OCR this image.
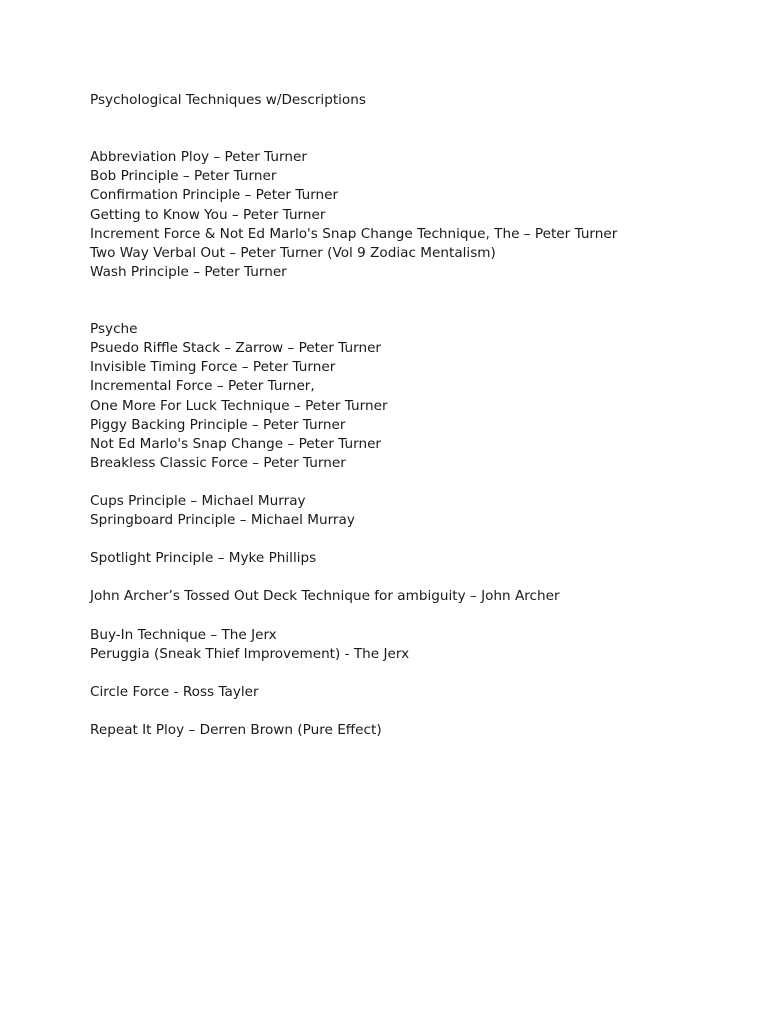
Psychological Techniques w/Descriptions
Abbreviation Ploy – Peter Turner
Bob Principle – Peter Turner
Confirmation Principle – Peter Turner
Getting to Know You – Peter Turner
Increment Force & Not Ed Marlo's Snap Change Technique, The – Peter Turner
Two Way Verbal Out – Peter Turner (Vol 9 Zodiac Mentalism)
Wash Principle – Peter Turner
Psyche
Psuedo Riffle Stack – Zarrow – Peter Turner
Invisible Timing Force – Peter Turner
Incremental Force – Peter Turner,
One More For Luck Technique – Peter Turner
Piggy Backing Principle – Peter Turner
Not Ed Marlo's Snap Change – Peter Turner
Breakless Classic Force – Peter Turner
Cups Principle – Michael Murray
Springboard Principle – Michael Murray
Spotlight Principle – Myke Phillips
John Archer’s Tossed Out Deck Technique for ambiguity – John Archer
Buy-In Technique – The Jerx
Peruggia (Sneak Thief Improvement) - The Jerx
Circle Force - Ross Tayler
Repeat It Ploy – Derren Brown (Pure Effect)
